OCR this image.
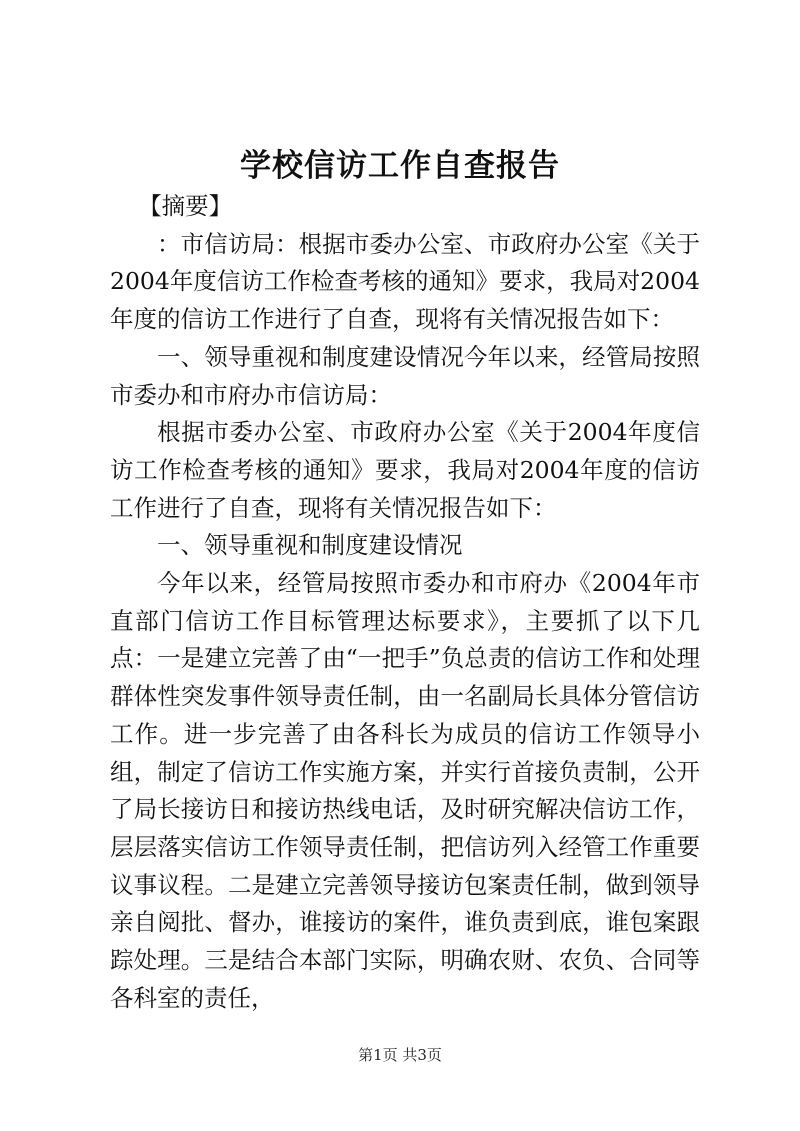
学校信访工作自查报告

【摘要】

：市信访局：根据市委办公室、市政府办公室《关于2004年度信访工作检查考核的通知》要求，我局对2004年度的信访工作进行了自查，现将有关情况报告如下：

一、领导重视和制度建设情况今年以来，经管局按照市委办和市府办市信访局：

根据市委办公室、市政府办公室《关于2004年度信访工作检查考核的通知》要求，我局对2004年度的信访工作进行了自查，现将有关情况报告如下：

一、领导重视和制度建设情况

今年以来，经管局按照市委办和市府办《2004年市直部门信访工作目标管理达标要求》，主要抓了以下几点：一是建立完善了由“一把手”负总责的信访工作和处理群体性突发事件领导责任制，由一名副局长具体分管信访工作。进一步完善了由各科长为成员的信访工作领导小组，制定了信访工作实施方案，并实行首接负责制，公开了局长接访日和接访热线电话，及时研究解决信访工作，层层落实信访工作领导责任制，把信访列入经管工作重要议事议程。二是建立完善领导接访包案责任制，做到领导亲自阅批、督办，谁接访的案件，谁负责到底，谁包案跟踪处理。三是结合本部门实际，明确农财、农负、合同等各科室的责任，

第1页 共3页
